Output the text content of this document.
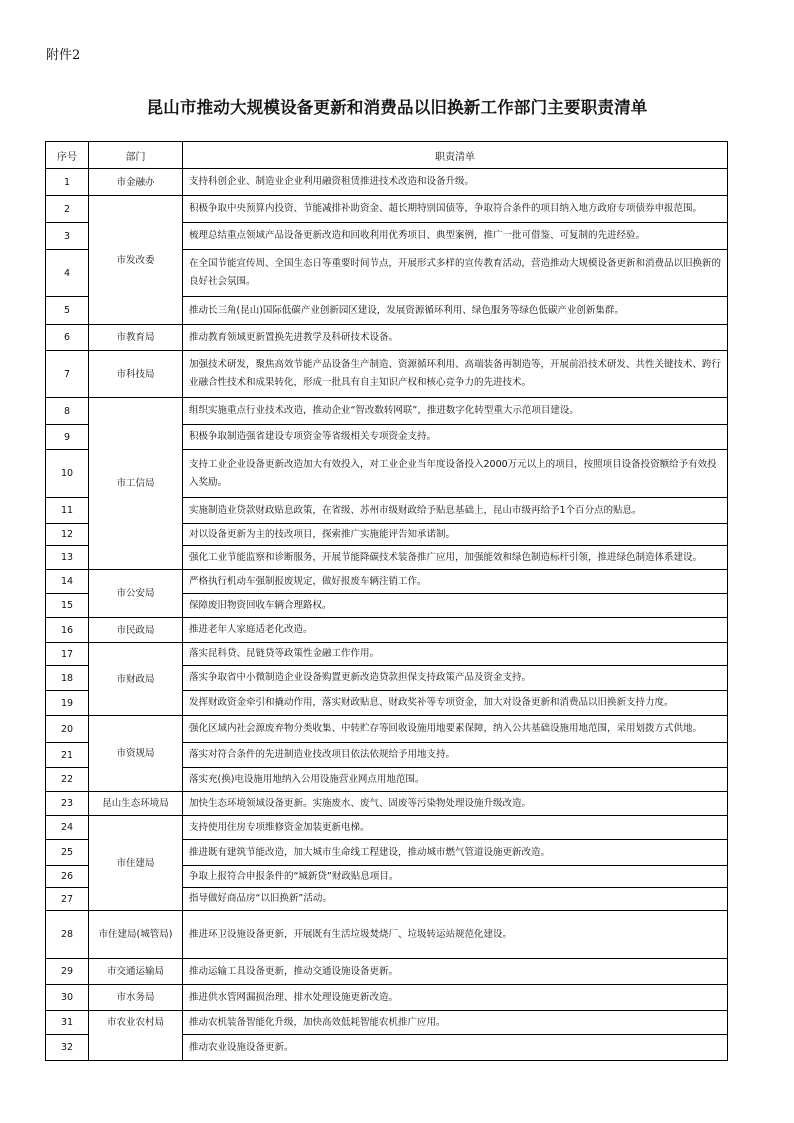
附件2
昆山市推动大规模设备更新和消费品以旧换新工作部门主要职责清单
序号	部门	职责清单
1	市金融办	支持科创企业、制造业企业利用融资租赁推进技术改造和设备升级。
2	市发改委	积极争取中央预算内投资、节能减排补助资金、超长期特别国债等，争取符合条件的项目纳入地方政府专项债券申报范围。
3		梳理总结重点领域产品设备更新改造和回收利用优秀项目、典型案例，推广一批可借鉴、可复制的先进经验。
4		在全国节能宣传周、全国生态日等重要时间节点，开展形式多样的宣传教育活动，营造推动大规模设备更新和消费品以旧换新的良好社会氛围。
5		推动长三角(昆山)国际低碳产业创新园区建设，发展资源循环利用、绿色服务等绿色低碳产业创新集群。
6	市教育局	推动教育领域更新置换先进教学及科研技术设备。
7	市科技局	加强技术研发，聚焦高效节能产品设备生产制造、资源循环利用、高端装备再制造等，开展前沿技术研发、共性关键技术、跨行业融合性技术和成果转化，形成一批具有自主知识产权和核心竞争力的先进技术。
8	市工信局	组织实施重点行业技术改造，推动企业“智改数转网联”，推进数字化转型重大示范项目建设。
9		积极争取制造强省建设专项资金等省级相关专项资金支持。
10		支持工业企业设备更新改造加大有效投入，对工业企业当年度设备投入2000万元以上的项目，按照项目设备投资额给予有效投入奖励。
11		实施制造业贷款财政贴息政策，在省级、苏州市级财政给予贴息基础上，昆山市级再给予1个百分点的贴息。
12		对以设备更新为主的技改项目，探索推广实施能评告知承诺制。
13		强化工业节能监察和诊断服务，开展节能降碳技术装备推广应用，加强能效和绿色制造标杆引领，推进绿色制造体系建设。
14	市公安局	严格执行机动车强制报废规定，做好报废车辆注销工作。
15		保障废旧物资回收车辆合理路权。
16	市民政局	推进老年人家庭适老化改造。
17	市财政局	落实昆科贷、昆链贷等政策性金融工作作用。
18		落实争取省中小微制造企业设备购置更新改造贷款担保支持政策产品及资金支持。
19		发挥财政资金牵引和撬动作用，落实财政贴息、财政奖补等专项资金，加大对设备更新和消费品以旧换新支持力度。
20	市资规局	强化区域内社会源废弃物分类收集、中转贮存等回收设施用地要素保障，纳入公共基础设施用地范围，采用划拨方式供地。
21		落实对符合条件的先进制造业技改项目依法依规给予用地支持。
22		落实充(换)电设施用地纳入公用设施营业网点用地范围。
23	昆山生态环境局	加快生态环境领域设备更新。实施废水、废气、固废等污染物处理设施升级改造。
24	市住建局	支持使用住房专项维修资金加装更新电梯。
25		推进既有建筑节能改造，加大城市生命线工程建设，推动城市燃气管道设施更新改造。
26		争取上报符合申报条件的“城新贷”财政贴息项目。
27		指导做好商品房“以旧换新”活动。
28	市住建局(城管局)	推进环卫设施设备更新，开展既有生活垃圾焚烧厂、垃圾转运站规范化建设。
29	市交通运输局	推动运输工具设备更新，推动交通设施设备更新。
30	市水务局	推进供水管网漏损治理、排水处理设施更新改造。
31	市农业农村局	推动农机装备智能化升级，加快高效低耗智能农机推广应用。
32		推动农业设施设备更新。
